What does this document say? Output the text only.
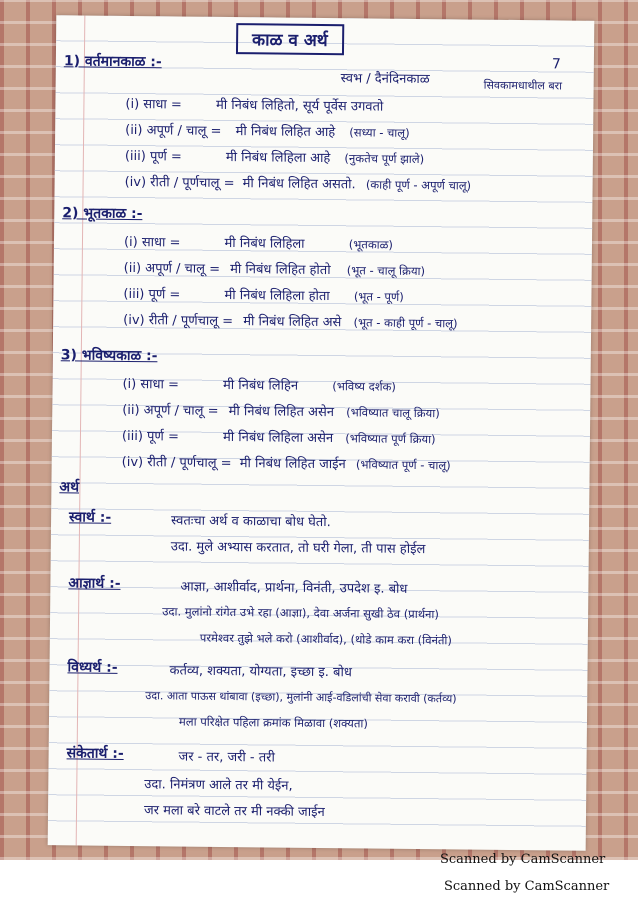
काळ व अर्थ
7
1) वर्तमानकाळ :-
स्वभ / दैनंदिनकाळ	सिवकामधाथील बरा
(i) साधा =	मी निबंध लिहितो, सूर्य पूर्वेस उगवतो
(ii) अपूर्ण / चालू = मी निबंध लिहित आहे (सध्या - चालू)
(iii) पूर्ण =	मी निबंध लिहिला आहे (नुकतेच पूर्ण झाले)
(iv) रीती / पूर्णचालू = मी निबंध लिहित असतो. (काही पूर्ण - अपूर्ण चालू)
2) भूतकाळ :-
(i) साधा =	मी निबंध लिहिला	(भूतकाळ)
(ii) अपूर्ण / चालू = मी निबंध लिहित होतो (भूत - चालू क्रिया)
(iii) पूर्ण =	मी निबंध लिहिला होता (भूत - पूर्ण)
(iv) रीती / पूर्णचालू = मी निबंध लिहित असे (भूत - काही पूर्ण - चालू)
3) भविष्यकाळ :-
(i) साधा =	मी निबंध लिहिन	(भविष्य दर्शक)
(ii) अपूर्ण / चालू = मी निबंध लिहित असेन (भविष्यात चालू क्रिया)
(iii) पूर्ण =	मी निबंध लिहिला असेन (भविष्यात पूर्ण क्रिया)
(iv) रीती / पूर्णचालू = मी निबंध लिहित जाईन (भविष्यात पूर्ण - चालू)
अर्थ
स्वार्थ :-	स्वतःचा अर्थ व काळाचा बोध घेतो.
उदा. मुले अभ्यास करतात, तो घरी गेला, ती पास होईल
आज्ञार्थ :-	आज्ञा, आशीर्वाद, प्रार्थना, विनंती, उपदेश इ. बोध
उदा. मुलांनो रांगेत उभे रहा (आज्ञा), देवा अर्जना सुखी ठेव (प्रार्थना)
परमेश्वर तुझे भले करो (आशीर्वाद), (थोडे काम करा (विनंती)
विध्यर्थ :-	कर्तव्य, शक्यता, योग्यता, इच्छा इ. बोध
उदा. आता पाऊस थांबावा (इच्छा), मुलांनी आई-वडिलांची सेवा करावी (कर्तव्य)
मला परिक्षेत पहिला क्रमांक मिळावा (शक्यता)
संकेतार्थ :-	जर - तर, जरी - तरी
उदा. निमंत्रण आले तर मी येईन,
जर मला बरे वाटले तर मी नक्की जाईन
Scanned by CamScanner
Scanned by CamScanner
